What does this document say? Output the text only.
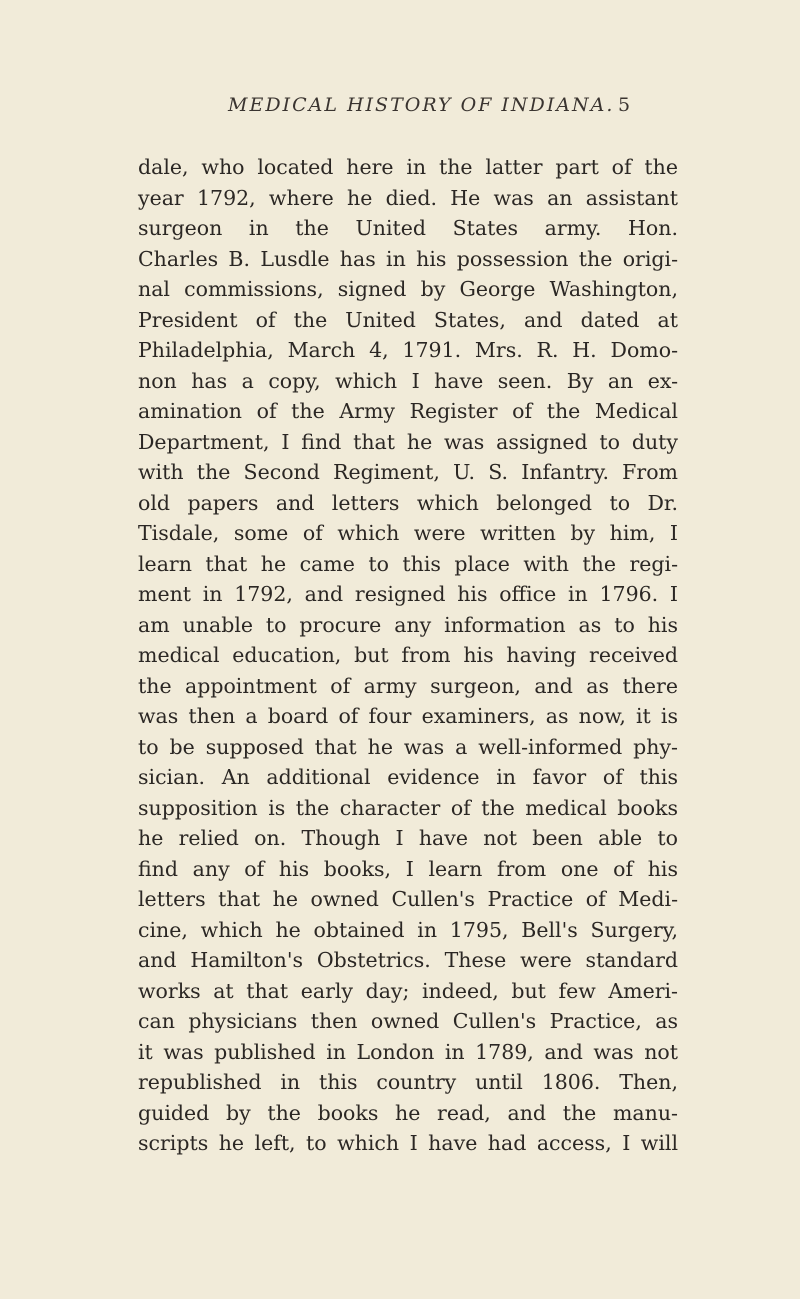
MEDICAL HISTORY OF INDIANA. 5
dale, who located here in the latter part of the
year 1792, where he died. He was an assistant
surgeon in the United States army. Hon.
Charles B. Lusdle has in his possession the origi-
nal commissions, signed by George Washington,
President of the United States, and dated at
Philadelphia, March 4, 1791. Mrs. R. H. Domo-
non has a copy, which I have seen. By an ex-
amination of the Army Register of the Medical
Department, I find that he was assigned to duty
with the Second Regiment, U. S. Infantry. From
old papers and letters which belonged to Dr.
Tisdale, some of which were written by him, I
learn that he came to this place with the regi-
ment in 1792, and resigned his office in 1796. I
am unable to procure any information as to his
medical education, but from his having received
the appointment of army surgeon, and as there
was then a board of four examiners, as now, it is
to be supposed that he was a well-informed phy-
sician. An additional evidence in favor of this
supposition is the character of the medical books
he relied on. Though I have not been able to
find any of his books, I learn from one of his
letters that he owned Cullen's Practice of Medi-
cine, which he obtained in 1795, Bell's Surgery,
and Hamilton's Obstetrics. These were standard
works at that early day; indeed, but few Ameri-
can physicians then owned Cullen's Practice, as
it was published in London in 1789, and was not
republished in this country until 1806. Then,
guided by the books he read, and the manu-
scripts he left, to which I have had access, I will
